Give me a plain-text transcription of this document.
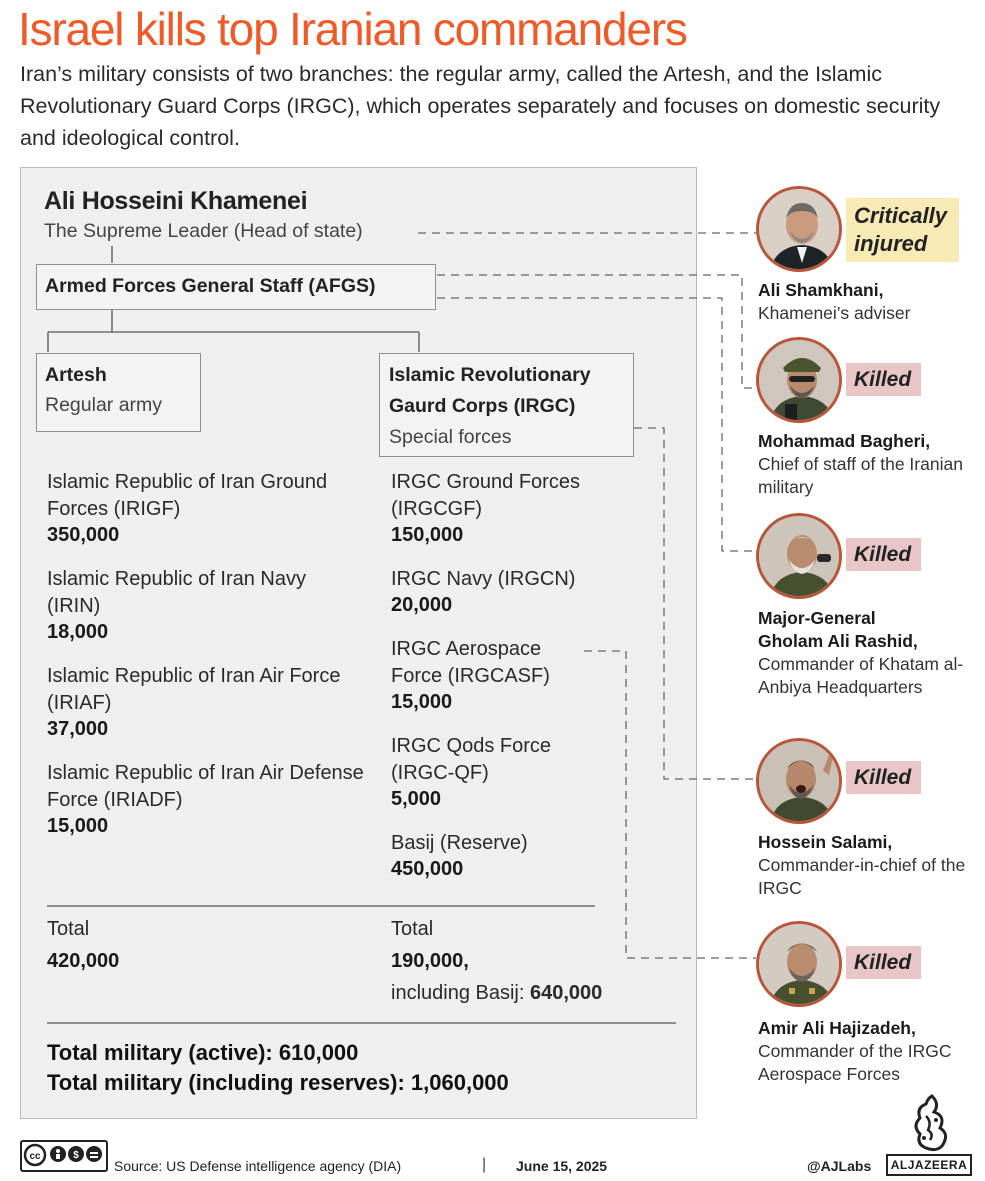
Israel kills top Iranian commanders
Iran’s military consists of two branches: the regular army, called the Artesh, and the Islamic Revolutionary Guard Corps (IRGC), which operates separately and focuses on domestic security and ideological control.
Ali Hosseini Khamenei
The Supreme Leader (Head of state)
Armed Forces General Staff (AFGS)
Artesh
Regular army
Islamic Revolutionary
Gaurd Corps (IRGC)
Special forces
Islamic Republic of Iran Ground Forces (IRIGF)
350,000
Islamic Republic of Iran Navy (IRIN)
18,000
Islamic Republic of Iran Air Force (IRIAF)
37,000
Islamic Republic of Iran Air Defense Force (IRIADF)
15,000
IRGC Ground Forces (IRGCGF)
150,000
IRGC Navy (IRGCN)
20,000
IRGC Aerospace Force (IRGCASF)
15,000
IRGC Qods Force (IRGC-QF)
5,000
Basij (Reserve)
450,000
Total
420,000
Total
190,000,
including Basij: 640,000
Total military (active): 610,000
Total military (including reserves): 1,060,000
Critically
injured
Ali Shamkhani,
Khamenei’s adviser
Killed
Mohammad Bagheri,
Chief of staff of the Iranian military
Killed
Major-General
Gholam Ali Rashid,
Commander of Khatam al-Anbiya Headquarters
Killed
Hossein Salami,
Commander-in-chief of the IRGC
Killed
Amir Ali Hajizadeh,
Commander of the IRGC Aerospace Forces
cc	$
Source: US Defense intelligence agency (DIA)	| June 15, 2025	@AJLabs	ALJAZEERA
